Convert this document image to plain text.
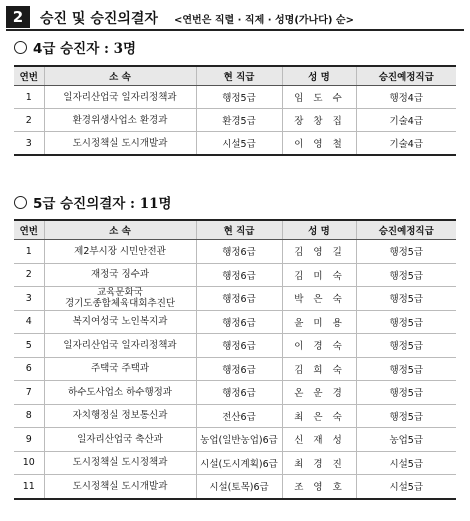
2	승진 및 승진의결자 <연번은 직렬 · 직제 · 성명(가나다) 순>
4급 승진자 : 3명
연번	소 속	현 직급	성 명	승진예정직급
1	일자리산업국 일자리정책과	행정5급	임도수	행정4급
2	환경위생사업소 환경과	환경5급	장창집	기술4급
3	도시정책실 도시개발과	시설5급	이영철	기술4급
5급 승진의결자 : 11명
연번	소 속	현 직급	성 명	승진예정직급
1	제2부시장 시민안전관	행정6급	김영길	행정5급
2	재정국 징수과	행정6급	김미숙	행정5급
3	교육문화국
경기도종합체육대회추진단	행정6급	박은숙	행정5급
4	복지여성국 노인복지과	행정6급	윤미용	행정5급
5	일자리산업국 일자리정책과	행정6급	이경숙	행정5급
6	주택국 주택과	행정6급	김희숙	행정5급
7	하수도사업소 하수행정과	행정6급	온운경	행정5급
8	자치행정실 정보통신과	전산6급	최은숙	행정5급
9	일자리산업국 축산과	농업(일반농업)6급	신재성	농업5급
10	도시정책실 도시정책과	시설(도시계획)6급	최경진	시설5급
11	도시정책실 도시개발과	시설(토목)6급	조영호	시설5급
